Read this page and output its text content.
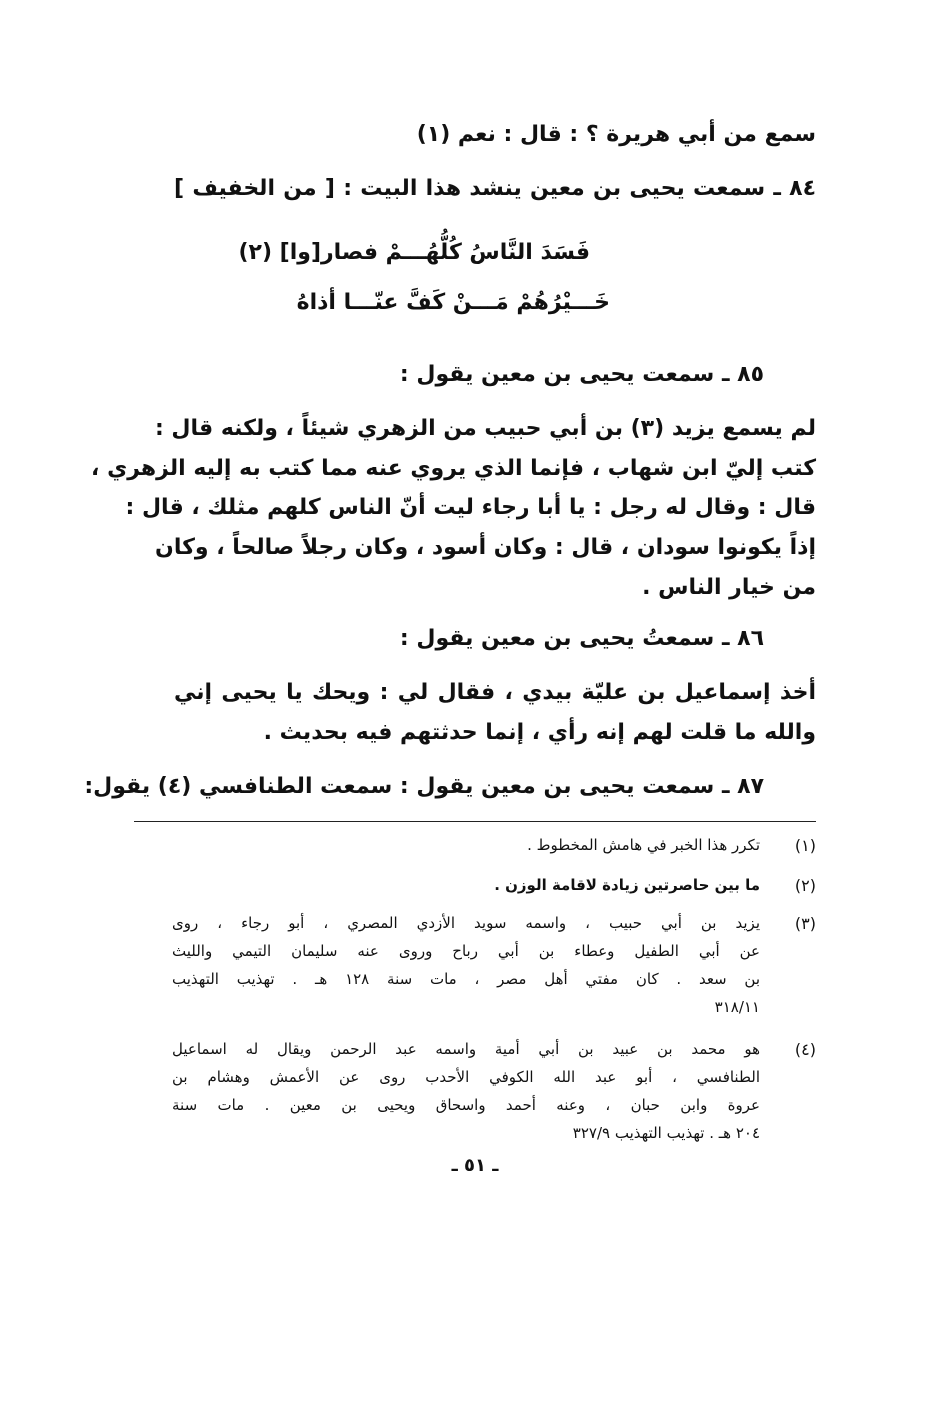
سمع من أبي هريرة ؟ : قال : نعم (١)
٨٤ ـ سمعت يحيى بن معين ينشد هذا البيت : [ من الخفيف ]
فَسَدَ النَّاسُ كُلُّهُـــمْ فصار[وا] (٢)
خَـــيْرُهُمْ مَـــنْ كَفَّ عنّـــا أذاهُ
٨٥ ـ سمعت يحيى بن معين يقول :
لم يسمع يزيد (٣) بن أبي حبيب من الزهري شيئاً ، ولكنه قال :
كتب إليّ ابن شهاب ، فإنما الذي يروي عنه مما كتب به إليه الزهري ،
قال : وقال له رجل : يا أبا رجاء ليت أنّ الناس كلهم مثلك ، قال :
إذاً يكونوا سودان ، قال : وكان أسود ، وكان رجلاً صالحاً ، وكان
من خيار الناس .
٨٦ ـ سمعتُ يحيى بن معين يقول :
أخذ إسماعيل بن عليّة بيدي ، فقال لي : ويحك يا يحيى إني
والله ما قلت لهم إنه رأي ، إنما حدثتهم فيه بحديث .
٨٧ ـ سمعت يحيى بن معين يقول : سمعت الطنافسي (٤) يقول:
(١)
تكرر هذا الخبر في هامش المخطوط .
(٢)
ما بين حاصرتين زيادة لاقامة الوزن .
(٣)
يزيد بن أبي حبيب ، واسمه سويد الأزدي المصري ، أبو رجاء ، روى
عن أبي الطفيل وعطاء بن أبي رباح وروى عنه سليمان التيمي والليث
بن سعد . كان مفتي أهل مصر ، مات سنة ١٢٨ هـ . تهذيب التهذيب
٣١٨/١١
(٤)
هو محمد بن عبيد بن أبي أمية واسمه عبد الرحمن ويقال له اسماعيل
الطنافسي ، أبو عبد الله الكوفي الأحدب روى عن الأعمش وهشام بن
عروة وابن حبان ، وعنه أحمد واسحاق ويحيى بن معين . مات سنة
٢٠٤ هـ . تهذيب التهذيب ٣٢٧/٩
ـ ٥١ ـ
